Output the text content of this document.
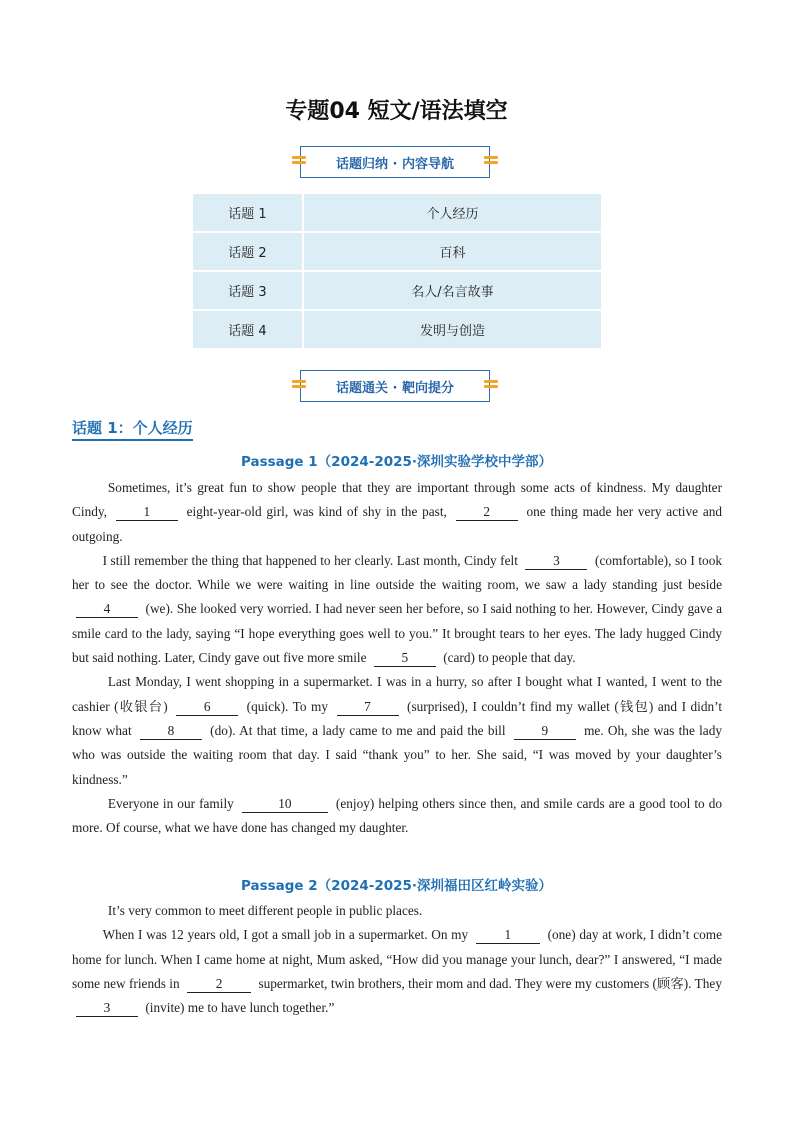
专题04 短文/语法填空
话题归纳 · 内容导航
话题 1	个人经历
话题 2	百科
话题 3	名人/名言故事
话题 4	发明与创造
话题通关 · 靶向提分
话题 1：个人经历
Passage 1（2024-2025·深圳实验学校中学部）

Sometimes, it’s great fun to show people that they are important through some acts of kindness. My daughter Cindy,	1	eight-year-old girl, was kind of shy in the past,	2	one thing made her very active and outgoing.

I still remember the thing that happened to her clearly. Last month, Cindy felt	3	(comfortable), so I took her to see the doctor. While we were waiting in line outside the waiting room, we saw a lady standing just beside 4	(we). She looked very worried. I had never seen her before, so I said nothing to her. However, Cindy gave a smile card to the lady, saying “I hope everything goes well to you.” It brought tears to her eyes. The lady hugged Cindy but said nothing. Later, Cindy gave out five more smile	5	(card) to people that day.

Last Monday, I went shopping in a supermarket. I was in a hurry, so after I bought what I wanted, I went to the cashier (收银台)	6	(quick). To my	7	(surprised), I couldn’t find my wallet (钱包) and I didn’t know what	8	(do). At that time, a lady came to me and paid the bill	9	me. Oh, she was the lady who was outside the waiting room that day. I said “thank you” to her. She said, “I was moved by your daughter’s kindness.”

Everyone in our family	10	(enjoy) helping others since then, and smile cards are a good tool to do more. Of course, what we have done has changed my daughter.

Passage 2（2024-2025·深圳福田区红岭实验）

It’s very common to meet different people in public places.

When I was 12 years old, I got a small job in a supermarket. On my	1	(one) day at work, I didn’t come home for lunch. When I came home at night, Mum asked, “How did you manage your lunch, dear?” I answered, “I made some new friends in	2	supermarket, twin brothers, their mom and dad. They were my customers (顾客). They 3	(invite) me to have lunch together.”
